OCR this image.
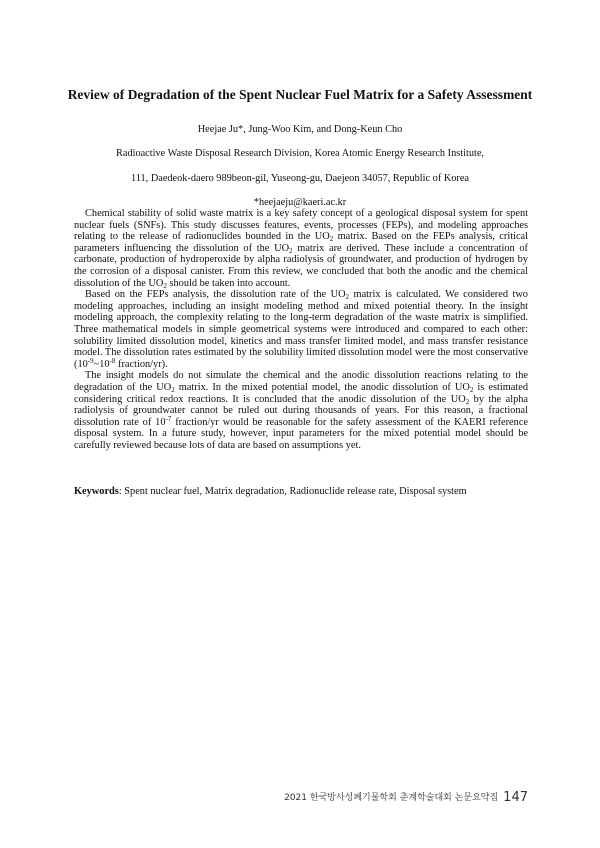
Review of Degradation of the Spent Nuclear Fuel Matrix for a Safety Assessment
Heejae Ju*, Jung-Woo Kim, and Dong-Keun Cho
Radioactive Waste Disposal Research Division, Korea Atomic Energy Research Institute,
111, Daedeok-daero 989beon-gil, Yuseong-gu, Daejeon 34057, Republic of Korea
*heejaeju@kaeri.ac.kr

Chemical stability of solid waste matrix is a key safety concept of a geological disposal system for spent nuclear fuels (SNFs). This study discusses features, events, processes (FEPs), and modeling approaches relating to the release of radionuclides bounded in the $UO_2$ matrix. Based on the FEPs analysis, critical parameters influencing the dissolution of the $UO_2$ matrix are derived. These include a concentration of carbonate, production of hydroperoxide by alpha radiolysis of groundwater, and production of hydrogen by the corrosion of a disposal canister. From this review, we concluded that both the anodic and the chemical dissolution of the $UO_2$ should be taken into account.

Based on the FEPs analysis, the dissolution rate of the $UO_2$ matrix is calculated. We considered two modeling approaches, including an insight modeling method and mixed potential theory. In the insight modeling approach, the complexity relating to the long-term degradation of the waste matrix is simplified. Three mathematical models in simple geometrical systems were introduced and compared to each other: solubility limited dissolution model, kinetics and mass transfer limited model, and mass transfer resistance model. The dissolution rates estimated by the solubility limited dissolution model were the most conservative ($10^{-9}\sim 10^{-8}$ fraction/yr).

The insight models do not simulate the chemical and the anodic dissolution reactions relating to the degradation of the $UO_2$ matrix. In the mixed potential model, the anodic dissolution of $UO_2$ is estimated considering critical redox reactions. It is concluded that the anodic dissolution of the $UO_2$ by the alpha radiolysis of groundwater cannot be ruled out during thousands of years. For this reason, a fractional dissolution rate of $10^{-7}$ fraction/yr would be reasonable for the safety assessment of the KAERI reference disposal system. In a future study, however, input parameters for the mixed potential model should be carefully reviewed because lots of data are based on assumptions yet.

Keywords: Spent nuclear fuel, Matrix degradation, Radionuclide release rate, Disposal system
2021 한국방사성폐기물학회 춘계학술대회 논문요약집 147
